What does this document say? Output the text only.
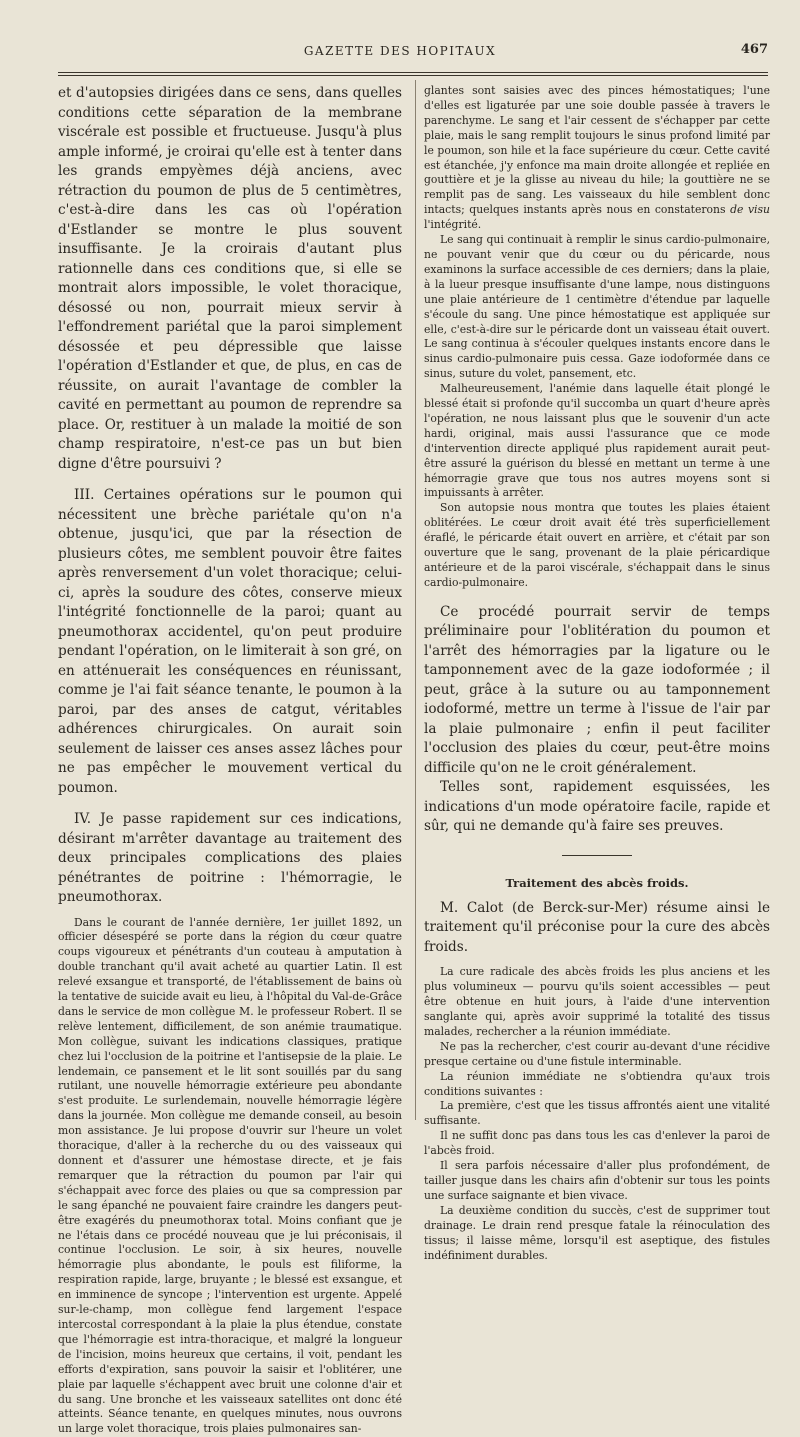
GAZETTE DES HOPITAUX	467

et d'autopsies dirigées dans ce sens, dans quelles conditions cette séparation de la membrane viscérale est possible et fructueuse. Jusqu'à plus ample informé, je croirai qu'elle est à tenter dans les grands empyèmes déjà anciens, avec rétraction du poumon de plus de 5 centimètres, c'est-à-dire dans les cas où l'opération d'Estlander se montre le plus souvent insuffisante. Je la croirais d'autant plus rationnelle dans ces conditions que, si elle se montrait alors impossible, le volet thoracique, désossé ou non, pourrait mieux servir à l'effondrement pariétal que la paroi simplement désossée et peu dépressible que laisse l'opération d'Estlander et que, de plus, en cas de réussite, on aurait l'avantage de combler la cavité en permettant au poumon de reprendre sa place. Or, restituer à un malade la moitié de son champ respiratoire, n'est-ce pas un but bien digne d'être poursuivi ?

III. Certaines opérations sur le poumon qui nécessitent une brèche pariétale qu'on n'a obtenue, jusqu'ici, que par la résection de plusieurs côtes, me semblent pouvoir être faites après renversement d'un volet thoracique; celui-ci, après la soudure des côtes, conserve mieux l'intégrité fonctionnelle de la paroi; quant au pneumothorax accidentel, qu'on peut produire pendant l'opération, on le limiterait à son gré, on en atténuerait les conséquences en réunissant, comme je l'ai fait séance tenante, le poumon à la paroi, par des anses de catgut, véritables adhérences chirurgicales. On aurait soin seulement de laisser ces anses assez lâches pour ne pas empêcher le mouvement vertical du poumon.

IV. Je passe rapidement sur ces indications, désirant m'arrêter davantage au traitement des deux principales complications des plaies pénétrantes de poitrine : l'hémorragie, le pneumothorax.

Dans le courant de l'année dernière, 1er juillet 1892, un officier désespéré se porte dans la région du cœur quatre coups vigoureux et pénétrants d'un couteau à amputation à double tranchant qu'il avait acheté au quartier Latin. Il est relevé exsangue et transporté, de l'établissement de bains où la tentative de suicide avait eu lieu, à l'hôpital du Val-de-Grâce dans le service de mon collègue M. le professeur Robert. Il se relève lentement, difficilement, de son anémie traumatique. Mon collègue, suivant les indications classiques, pratique chez lui l'occlusion de la poitrine et l'antisepsie de la plaie. Le lendemain, ce pansement et le lit sont souillés par du sang rutilant, une nouvelle hémorragie extérieure peu abondante s'est produite. Le surlendemain, nouvelle hémorragie légère dans la journée. Mon collègue me demande conseil, au besoin mon assistance. Je lui propose d'ouvrir sur l'heure un volet thoracique, d'aller à la recherche du ou des vaisseaux qui donnent et d'assurer une hémostase directe, et je fais remarquer que la rétraction du poumon par l'air qui s'échappait avec force des plaies ou que sa compression par le sang épanché ne pouvaient faire craindre les dangers peut-être exagérés du pneumothorax total. Moins confiant que je ne l'étais dans ce procédé nouveau que je lui préconisais, il continue l'occlusion. Le soir, à six heures, nouvelle hémorragie plus abondante, le pouls est filiforme, la respiration rapide, large, bruyante ; le blessé est exsangue, et en imminence de syncope ; l'intervention est urgente. Appelé sur-le-champ, mon collègue fend largement l'espace intercostal correspondant à la plaie la plus étendue, constate que l'hémorragie est intra-thoracique, et malgré la longueur de l'incision, moins heureux que certains, il voit, pendant les efforts d'expiration, sans pouvoir la saisir et l'oblitérer, une plaie par laquelle s'échappent avec bruit une colonne d'air et du sang. Une bronche et les vaisseaux satellites ont donc été atteints. Séance tenante, en quelques minutes, nous ouvrons un large volet thoracique, trois plaies pulmonaires san-

glantes sont saisies avec des pinces hémostatiques; l'une d'elles est ligaturée par une soie double passée à travers le parenchyme. Le sang et l'air cessent de s'échapper par cette plaie, mais le sang remplit toujours le sinus profond limité par le poumon, son hile et la face supérieure du cœur. Cette cavité est étanchée, j'y enfonce ma main droite allongée et repliée en gouttière et je la glisse au niveau du hile; la gouttière ne se remplit pas de sang. Les vaisseaux du hile semblent donc intacts; quelques instants après nous en constaterons de visu l'intégrité.

Le sang qui continuait à remplir le sinus cardio-pulmonaire, ne pouvant venir que du cœur ou du péricarde, nous examinons la surface accessible de ces derniers; dans la plaie, à la lueur presque insuffisante d'une lampe, nous distinguons une plaie antérieure de 1 centimètre d'étendue par laquelle s'écoule du sang. Une pince hémostatique est appliquée sur elle, c'est-à-dire sur le péricarde dont un vaisseau était ouvert. Le sang continua à s'écouler quelques instants encore dans le sinus cardio-pulmonaire puis cessa. Gaze iodoformée dans ce sinus, suture du volet, pansement, etc.

Malheureusement, l'anémie dans laquelle était plongé le blessé était si profonde qu'il succomba un quart d'heure après l'opération, ne nous laissant plus que le souvenir d'un acte hardi, original, mais aussi l'assurance que ce mode d'intervention directe appliqué plus rapidement aurait peut-être assuré la guérison du blessé en mettant un terme à une hémorragie grave que tous nos autres moyens sont si impuissants à arrêter.

Son autopsie nous montra que toutes les plaies étaient oblitérées. Le cœur droit avait été très superficiellement éraflé, le péricarde était ouvert en arrière, et c'était par son ouverture que le sang, provenant de la plaie péricardique antérieure et de la paroi viscérale, s'échappait dans le sinus cardio-pulmonaire.

Ce procédé pourrait servir de temps préliminaire pour l'oblitération du poumon et l'arrêt des hémorragies par la ligature ou le tamponnement avec de la gaze iodoformée ; il peut, grâce à la suture ou au tamponnement iodoformé, mettre un terme à l'issue de l'air par la plaie pulmonaire ; enfin il peut faciliter l'occlusion des plaies du cœur, peut-être moins difficile qu'on ne le croit généralement.

Telles sont, rapidement esquissées, les indications d'un mode opératoire facile, rapide et sûr, qui ne demande qu'à faire ses preuves.

Traitement des abcès froids.

M. Calot (de Berck-sur-Mer) résume ainsi le traitement qu'il préconise pour la cure des abcès froids.

La cure radicale des abcès froids les plus anciens et les plus volumineux — pourvu qu'ils soient accessibles — peut être obtenue en huit jours, à l'aide d'une intervention sanglante qui, après avoir supprimé la totalité des tissus malades, rechercher a la réunion immédiate.

Ne pas la rechercher, c'est courir au-devant d'une récidive presque certaine ou d'une fistule interminable.

La réunion immédiate ne s'obtiendra qu'aux trois conditions suivantes :

La première, c'est que les tissus affrontés aient une vitalité suffisante.

Il ne suffit donc pas dans tous les cas d'enlever la paroi de l'abcès froid.

Il sera parfois nécessaire d'aller plus profondément, de tailler jusque dans les chairs afin d'obtenir sur tous les points une surface saignante et bien vivace.

La deuxième condition du succès, c'est de supprimer tout drainage. Le drain rend presque fatale la réinoculation des tissus; il laisse même, lorsqu'il est aseptique, des fistules indéfiniment durables.
